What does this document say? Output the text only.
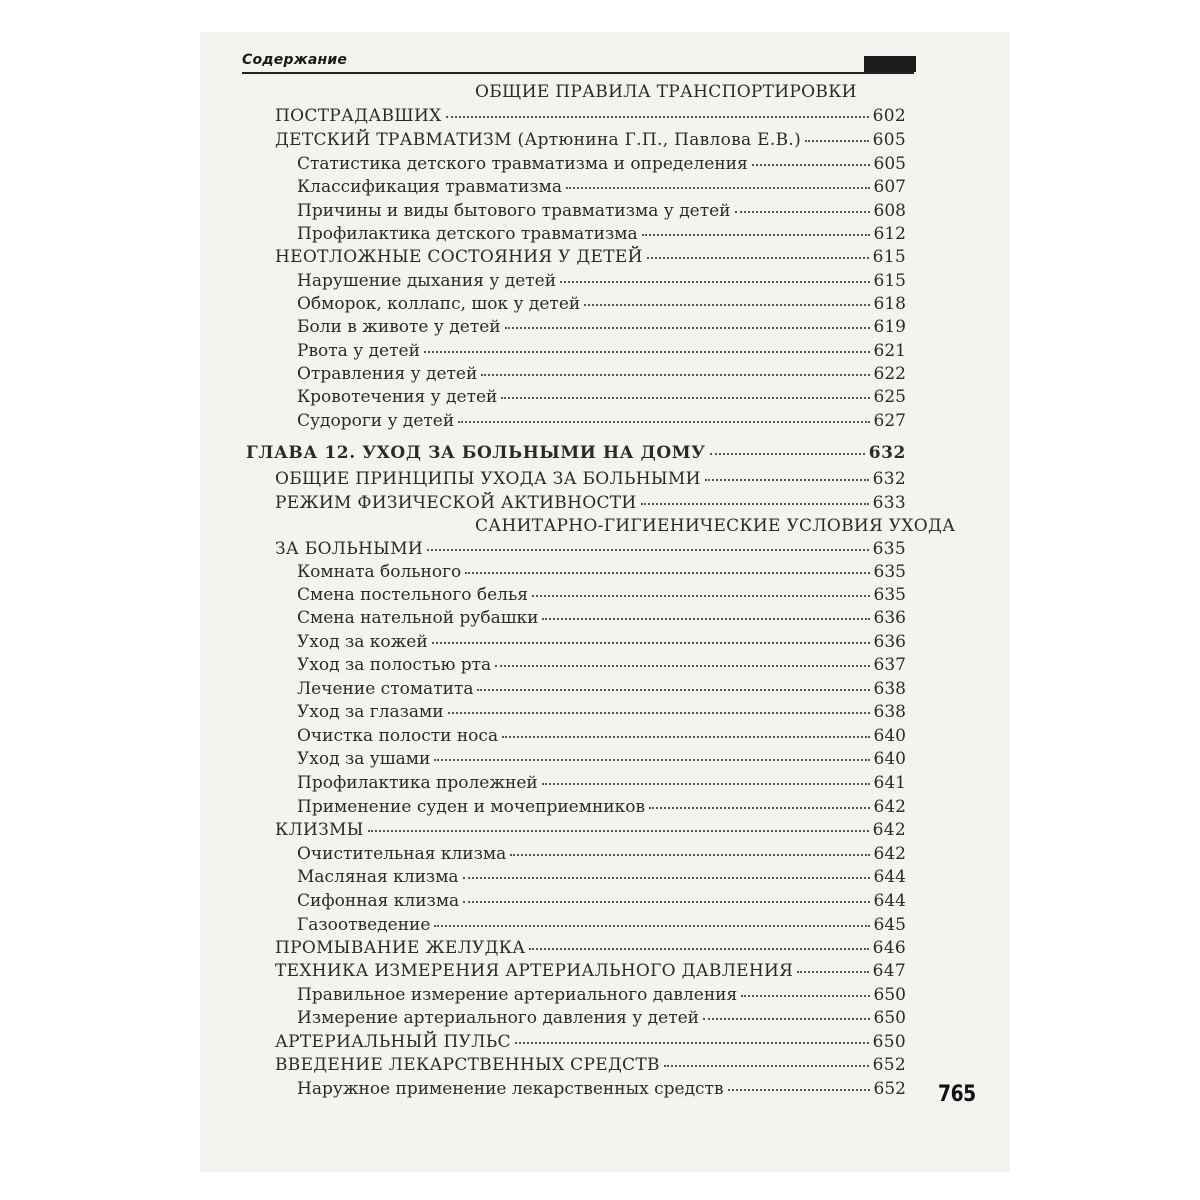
Содержание
ОБЩИЕ ПРАВИЛА ТРАНСПОРТИРОВКИ
ПОСТРАДАВШИХ	602
ДЕТСКИЙ ТРАВМАТИЗМ (Артюнина Г.П., Павлова Е.В.)	605
Статистика детского травматизма и определения	605
Классификация травматизма	607
Причины и виды бытового травматизма у детей	608
Профилактика детского травматизма	612
НЕОТЛОЖНЫЕ СОСТОЯНИЯ У ДЕТЕЙ	615
Нарушение дыхания у детей	615
Обморок, коллапс, шок у детей	618
Боли в животе у детей	619
Рвота у детей	621
Отравления у детей	622
Кровотечения у детей	625
Судороги у детей	627
ГЛАВА 12. УХОД ЗА БОЛЬНЫМИ НА ДОМУ	632
ОБЩИЕ ПРИНЦИПЫ УХОДА ЗА БОЛЬНЫМИ	632
РЕЖИМ ФИЗИЧЕСКОЙ АКТИВНОСТИ	633
САНИТАРНО-ГИГИЕНИЧЕСКИЕ УСЛОВИЯ УХОДА
ЗА БОЛЬНЫМИ	635
Комната больного	635
Смена постельного белья	635
Смена нательной рубашки	636
Уход за кожей	636
Уход за полостью рта	637
Лечение стоматита	638
Уход за глазами	638
Очистка полости носа	640
Уход за ушами	640
Профилактика пролежней	641
Применение суден и мочеприемников	642
КЛИЗМЫ	642
Очистительная клизма	642
Масляная клизма	644
Сифонная клизма	644
Газоотведение	645
ПРОМЫВАНИЕ ЖЕЛУДКА	646
ТЕХНИКА ИЗМЕРЕНИЯ АРТЕРИАЛЬНОГО ДАВЛЕНИЯ	647
Правильное измерение артериального давления	650
Измерение артериального давления у детей	650
АРТЕРИАЛЬНЫЙ ПУЛЬС	650
ВВЕДЕНИЕ ЛЕКАРСТВЕННЫХ СРЕДСТВ	652
Наружное применение лекарственных средств	652 765
